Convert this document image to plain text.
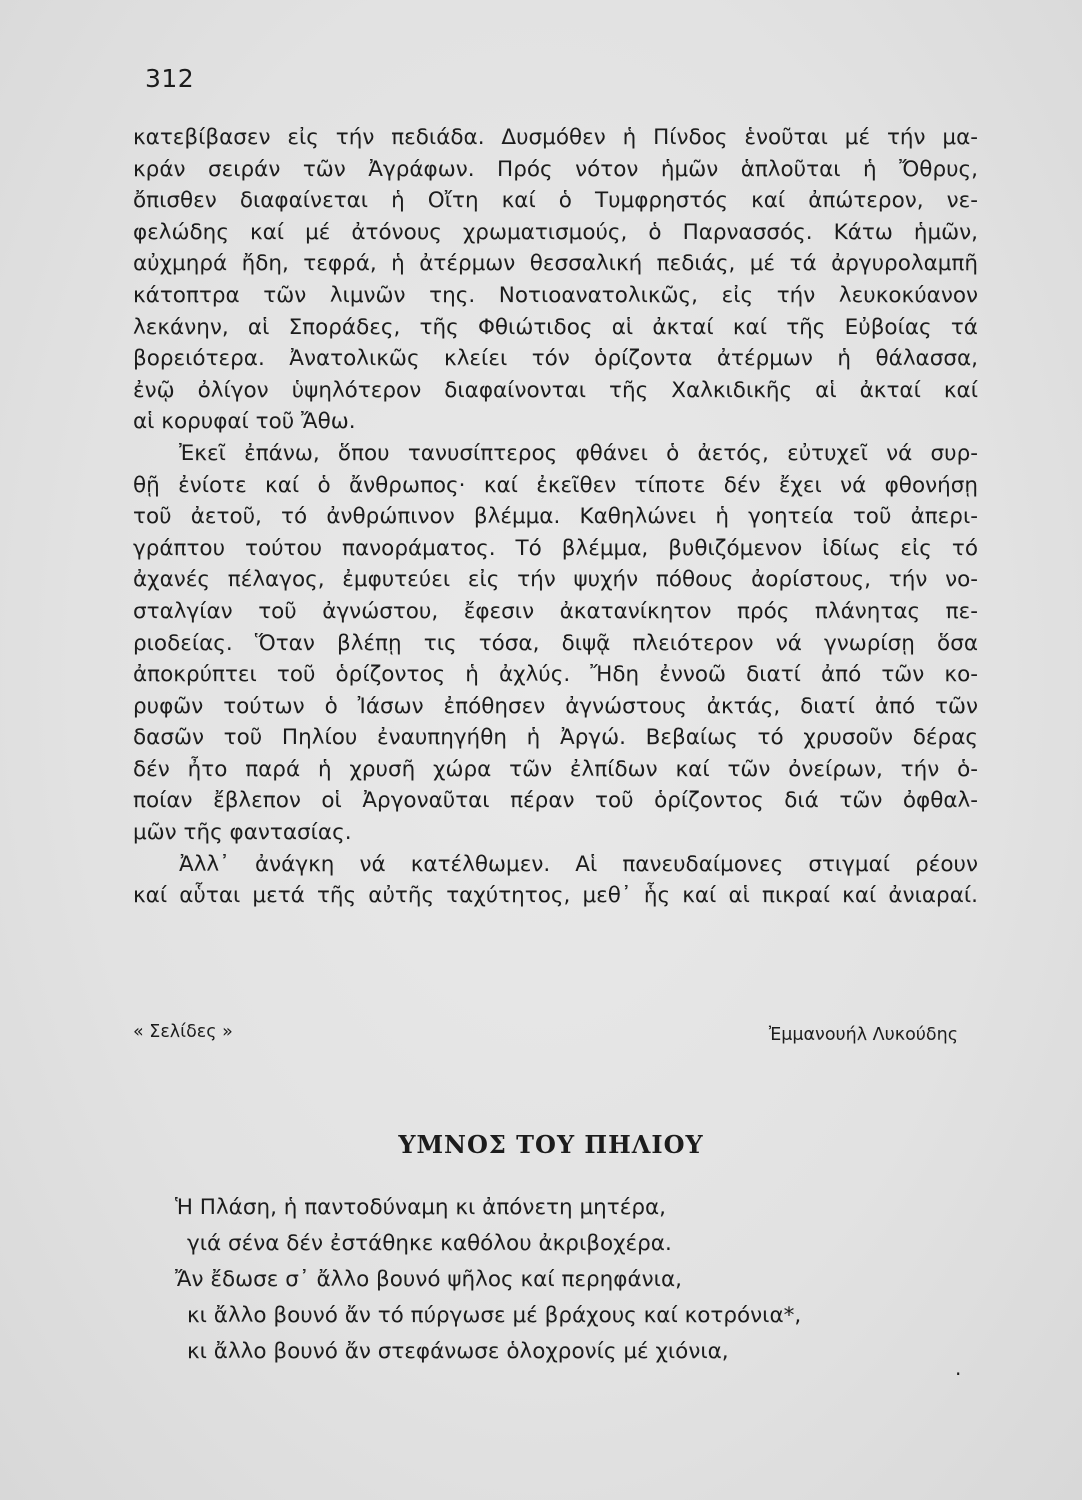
312
κατεβίβασεν εἰς τήν πεδιάδα. Δυσμόθεν ἡ Πίνδος ἑνοῦται μέ τήν μα-
κράν σειράν τῶν Ἀγράφων. Πρός νότον ἡμῶν ἁπλοῦται ἡ Ὄθρυς,
ὄπισθεν διαφαίνεται ἡ Οἴτη καί ὁ Τυμφρηστός καί ἀπώτερον, νε-
φελώδης καί μέ ἀτόνους χρωματισμούς, ὁ Παρνασσός. Κάτω ἡμῶν,
αὐχμηρά ἤδη, τεφρά, ἡ ἀτέρμων θεσσαλική πεδιάς, μέ τά ἀργυρολαμπῆ
κάτοπτρα τῶν λιμνῶν της. Νοτιοανατολικῶς, εἰς τήν λευκοκύανον
λεκάνην, αἱ Σποράδες, τῆς Φθιώτιδος αἱ ἀκταί καί τῆς Εὐβοίας τά
βορειότερα. Ἀνατολικῶς κλείει τόν ὁρίζοντα ἀτέρμων ἡ θάλασσα,
ἐνῷ ὀλίγον ὑψηλότερον διαφαίνονται τῆς Χαλκιδικῆς αἱ ἀκταί καί
αἱ κορυφαί τοῦ Ἄθω.
Ἐκεῖ ἐπάνω, ὅπου τανυσίπτερος φθάνει ὁ ἀετός, εὐτυχεῖ νά συρ-
θῇ ἐνίοτε καί ὁ ἄνθρωπος· καί ἐκεῖθεν τίποτε δέν ἔχει νά φθονήσῃ
τοῦ ἀετοῦ, τό ἀνθρώπινον βλέμμα. Καθηλώνει ἡ γοητεία τοῦ ἀπερι-
γράπτου τούτου πανοράματος. Τό βλέμμα, βυθιζόμενον ἰδίως εἰς τό
ἀχανές πέλαγος, ἐμφυτεύει εἰς τήν ψυχήν πόθους ἀορίστους, τήν νο-
σταλγίαν τοῦ ἀγνώστου, ἔφεσιν ἀκατανίκητον πρός πλάνητας πε-
ριοδείας. Ὅταν βλέπῃ τις τόσα, διψᾷ πλειότερον νά γνωρίσῃ ὅσα
ἀποκρύπτει τοῦ ὁρίζοντος ἡ ἀχλύς. Ἤδη ἐννοῶ διατί ἀπό τῶν κο-
ρυφῶν τούτων ὁ Ἰάσων ἐπόθησεν ἀγνώστους ἀκτάς, διατί ἀπό τῶν
δασῶν τοῦ Πηλίου ἐναυπηγήθη ἡ Ἀργώ. Βεβαίως τό χρυσοῦν δέρας
δέν ἦτο παρά ἡ χρυσῆ χώρα τῶν ἐλπίδων καί τῶν ὀνείρων, τήν ὁ-
ποίαν ἔβλεπον οἱ Ἀργοναῦται πέραν τοῦ ὁρίζοντος διά τῶν ὀφθαλ-
μῶν τῆς φαντασίας.
Ἀλλ᾽ ἀνάγκη νά κατέλθωμεν. Αἱ πανευδαίμονες στιγμαί ρέουν
καί αὗται μετά τῆς αὐτῆς ταχύτητος, μεθ᾽ ἧς καί αἱ πικραί καί ἀνιαραί.
« Σελίδες »	Ἐμμανουήλ Λυκούδης
ΥΜΝΟΣ ΤΟΥ ΠΗΛΙΟΥ
Ἡ Πλάση, ἡ παντοδύναμη κι ἀπόνετη μητέρα,
γιά σένα δέν ἐστάθηκε καθόλου ἀκριβοχέρα.
Ἄν ἔδωσε σ᾽ ἄλλο βουνό ψῆλος καί περηφάνια,
κι ἄλλο βουνό ἄν τό πύργωσε μέ βράχους καί κοτρόνια*,
κι ἄλλο βουνό ἄν στεφάνωσε ὁλοχρονίς μέ χιόνια,
·
